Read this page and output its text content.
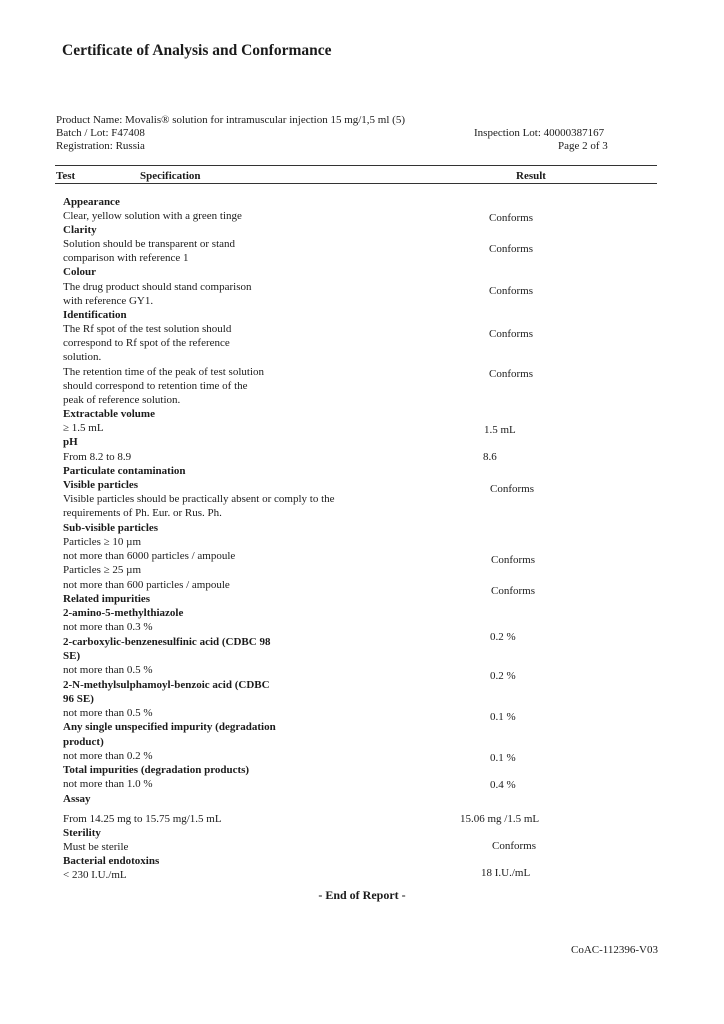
Certificate of Analysis and Conformance
Product Name: Movalis® solution for intramuscular injection 15 mg/1,5 ml (5)
Batch / Lot: F47408
Registration: Russia
Inspection Lot: 40000387167
Page 2 of 3
Test	Specification	Result
Appearance
Clear, yellow solution with a green tinge
Clarity
Solution should be transparent or stand
comparison with reference 1
Colour
The drug product should stand comparison
with reference GY1.
Identification
The Rf spot of the test solution should
correspond to Rf spot of the reference
solution.
The retention time of the peak of test solution
should correspond to retention time of the
peak of reference solution.
Extractable volume
≥ 1.5 mL
pH
From 8.2 to 8.9
Particulate contamination
Visible particles
Visible particles should be practically absent or comply to the
requirements of Ph. Eur. or Rus. Ph.
Sub-visible particles
Particles ≥ 10 µm
not more than 6000 particles / ampoule
Particles ≥ 25 µm
not more than 600 particles / ampoule
Related impurities
2-amino-5-methylthiazole
not more than 0.3 %
2-carboxylic-benzenesulfinic acid (CDBC 98
SE)
not more than 0.5 %
2-N-methylsulphamoyl-benzoic acid (CDBC
96 SE)
not more than 0.5 %
Any single unspecified impurity (degradation
product)
not more than 0.2 %
Total impurities (degradation products)
not more than 1.0 %
Assay
From 14.25 mg to 15.75 mg/1.5 mL
Sterility
Must be sterile
Bacterial endotoxins
< 230 I.U./mL
Conforms
Conforms
Conforms
Conforms
Conforms
1.5 mL
8.6
Conforms
Conforms
Conforms
0.2 %
0.2 %
0.1 %
0.1 %
0.4 %
15.06 mg /1.5 mL
Conforms
18 I.U./mL
- End of Report -
CoAC-112396-V03
